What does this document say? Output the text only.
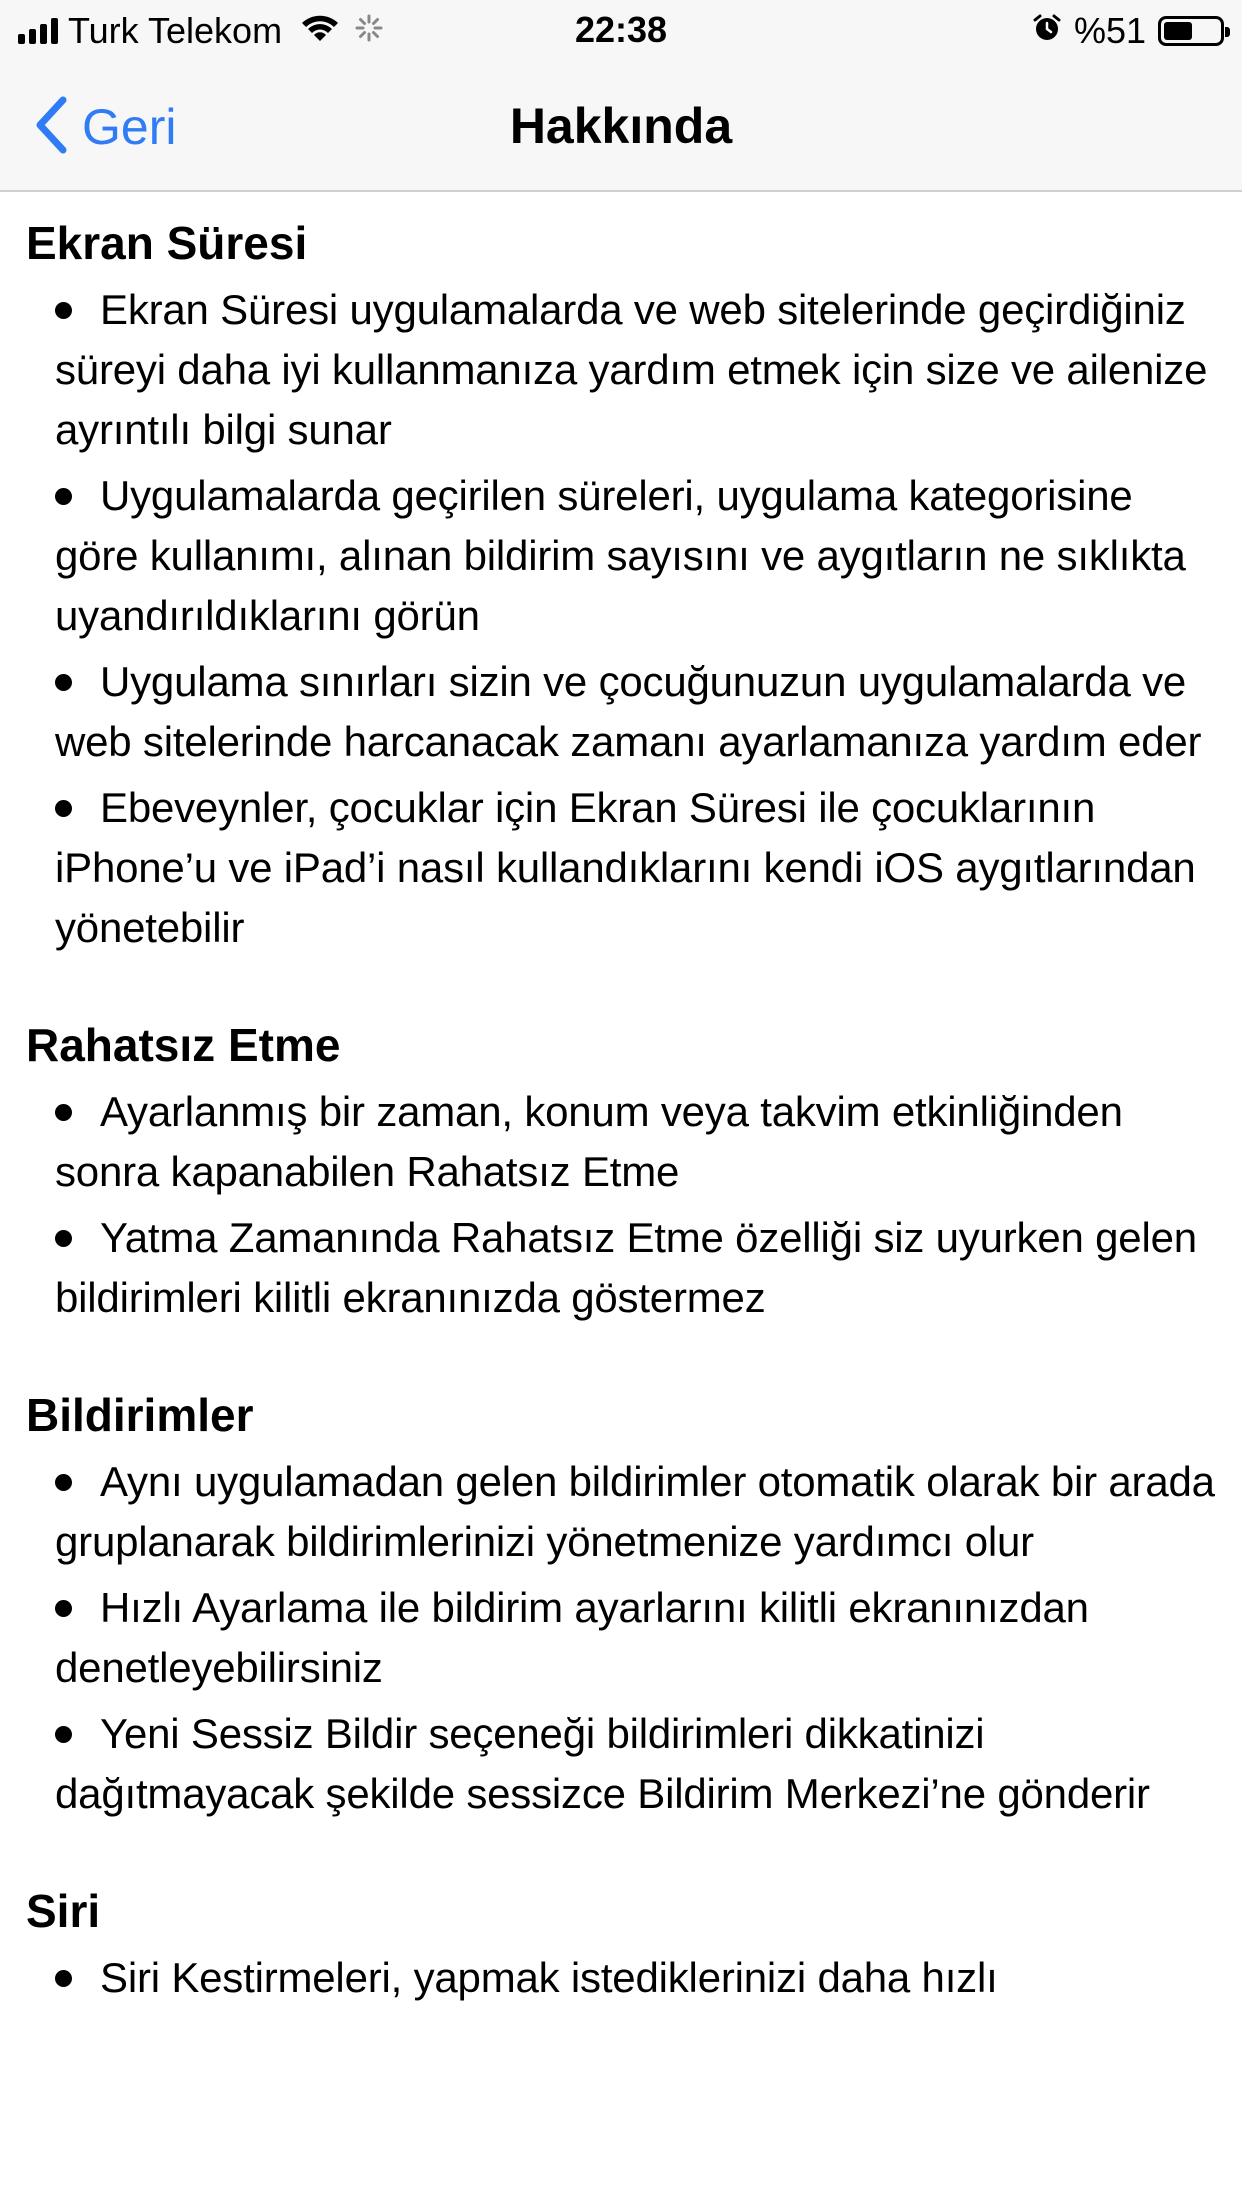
Turk Telekom	22:38	%51
Geri	Hakkında
Ekran Süresi
Ekran Süresi uygulamalarda ve web sitelerinde geçirdiğiniz süreyi daha iyi kullanmanıza yardım etmek için size ve ailenize ayrıntılı bilgi sunar
Uygulamalarda geçirilen süreleri, uygulama kategorisine göre kullanımı, alınan bildirim sayısını ve aygıtların ne sıklıkta uyandırıldıklarını görün
Uygulama sınırları sizin ve çocuğunuzun uygulamalarda ve web sitelerinde harcanacak zamanı ayarlamanıza yardım eder
Ebeveynler, çocuklar için Ekran Süresi ile çocuklarının iPhone’u ve iPad’i nasıl kullandıklarını kendi iOS aygıtlarından yönetebilir
Rahatsız Etme
Ayarlanmış bir zaman, konum veya takvim etkinliğinden sonra kapanabilen Rahatsız Etme
Yatma Zamanında Rahatsız Etme özelliği siz uyurken gelen bildirimleri kilitli ekranınızda göstermez
Bildirimler
Aynı uygulamadan gelen bildirimler otomatik olarak bir arada gruplanarak bildirimlerinizi yönetmenize yardımcı olur
Hızlı Ayarlama ile bildirim ayarlarını kilitli ekranınızdan denetleyebilirsiniz
Yeni Sessiz Bildir seçeneği bildirimleri dikkatinizi dağıtmayacak şekilde sessizce Bildirim Merkezi’ne gönderir
Siri
Siri Kestirmeleri, yapmak istediklerinizi daha hızlı
